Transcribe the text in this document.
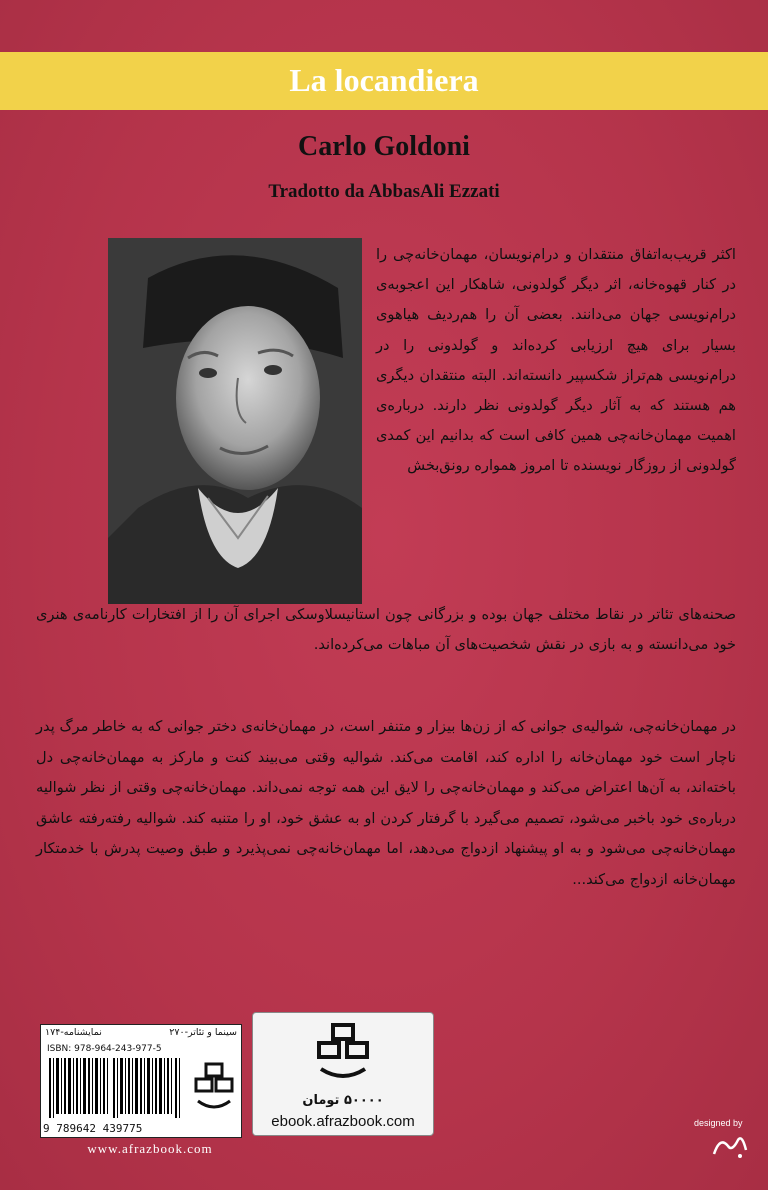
La locandiera
Carlo Goldoni
Tradotto da AbbasAli Ezzati

اکثر قریب‌به‌اتفاق منتقدان و درام‌نویسان، مهمان‌خانه‌چی را در کنار قهوه‌خانه، اثر دیگر گولدونی، شاهکار این اعجوبه‌ی درام‌نویسی جهان می‌دانند. بعضی آن را هم‌ردیف هیاهوی بسیار برای هیچ ارزیابی کرده‌اند و گولدونی را در درام‌نویسی هم‌تراز شکسپیر دانسته‌اند. البته منتقدان دیگری هم هستند که به آثار دیگر گولدونی نظر دارند. درباره‌ی اهمیت مهمان‌خانه‌چی همین کافی است که بدانیم این کمدی گولدونی از روزگار نویسنده تا امروز همواره رونق‌بخش

صحنه‌های تئاتر در نقاط مختلف جهان بوده و بزرگانی چون استانیسلاوسکی اجرای آن را از افتخارات کارنامه‌ی هنری خود می‌دانسته و به بازی در نقش شخصیت‌های آن مباهات می‌کرده‌اند.

در مهمان‌خانه‌چی، شوالیه‌ی جوانی که از زن‌ها بیزار و متنفر است، در مهمان‌خانه‌ی دختر جوانی که به خاطر مرگ پدر ناچار است خود مهمان‌خانه را اداره کند، اقامت می‌کند. شوالیه وقتی می‌بیند کنت و مارکز به مهمان‌خانه‌چی دل باخته‌اند، به آن‌ها اعتراض می‌کند و مهمان‌خانه‌چی را لایق این همه توجه نمی‌داند. مهمان‌خانه‌چی وقتی از نظر شوالیه درباره‌ی خود باخبر می‌شود، تصمیم می‌گیرد با گرفتار کردن او به عشق خود، او را متنبه کند. شوالیه رفته‌رفته عاشق مهمان‌خانه‌چی می‌شود و به او پیشنهاد ازدواج می‌دهد، اما مهمان‌خانه‌چی نمی‌پذیرد و طبق وصیت پدرش با خدمتکار مهمان‌خانه ازدواج می‌کند...

سینما و تئاتر-۲۷۰
نمایشنامه-۱۷۴
ISBN: 978-964-243-977-5
9 789642 439775
۵۰۰۰۰ تومان
ebook.afrazbook.com
www.afrazbook.com
designed by
